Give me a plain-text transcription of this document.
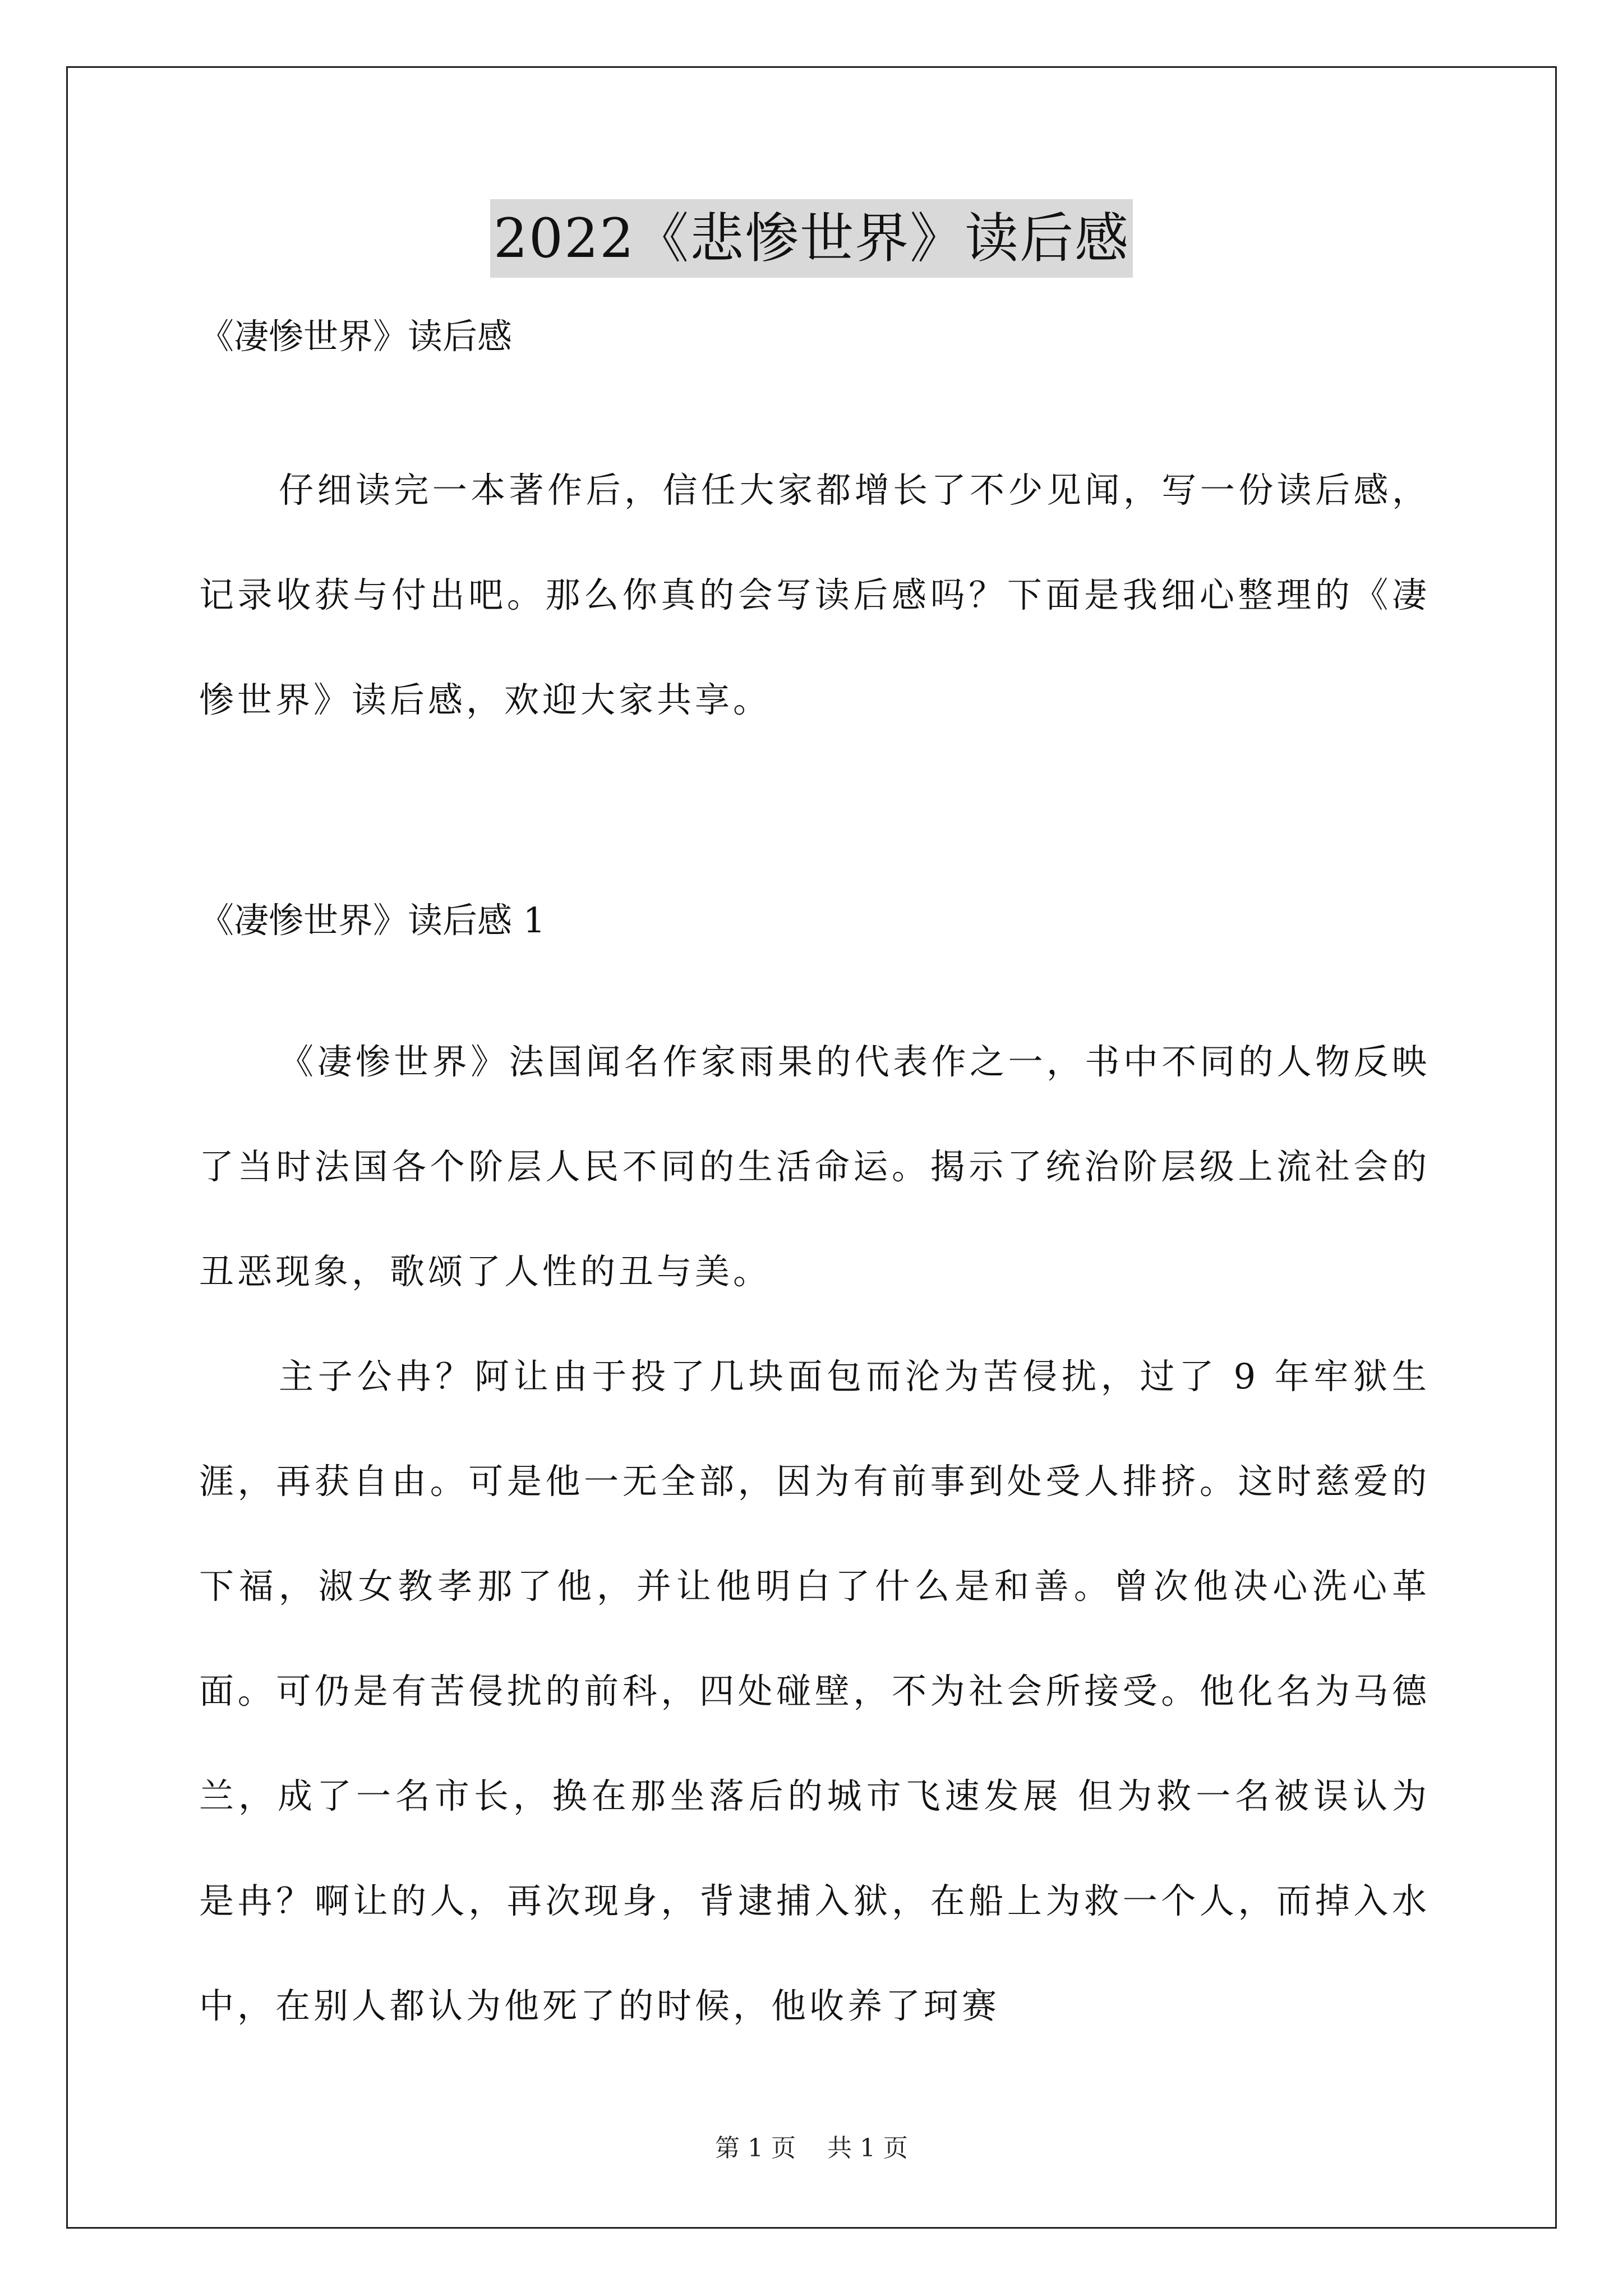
2022《悲惨世界》读后感

《凄惨世界》读后感

仔细读完一本著作后，信任大家都增长了不少见闻，写一份读后感，记录收获与付出吧。那么你真的会写读后感吗？下面是我细心整理的《凄惨世界》读后感，欢迎大家共享。

《凄惨世界》读后感 1

《凄惨世界》法国闻名作家雨果的代表作之一，书中不同的人物反映了当时法国各个阶层人民不同的生活命运。揭示了统治阶层级上流社会的丑恶现象，歌颂了人性的丑与美。

主子公冉？阿让由于投了几块面包而沦为苦侵扰，过了 9 年牢狱生涯，再获自由。可是他一无全部，因为有前事到处受人排挤。这时慈爱的下福，淑女教孝那了他，并让他明白了什么是和善。曾次他决心洗心革面。可仍是有苦侵扰的前科，四处碰壁，不为社会所接受。他化名为马德兰，成了一名市长，换在那坐落后的城市飞速发展 但为救一名被误认为是冉？啊让的人，再次现身，背逮捕入狱，在船上为救一个人，而掉入水中，在别人都认为他死了的时候，他收养了珂赛

第 1 页    共 1 页
